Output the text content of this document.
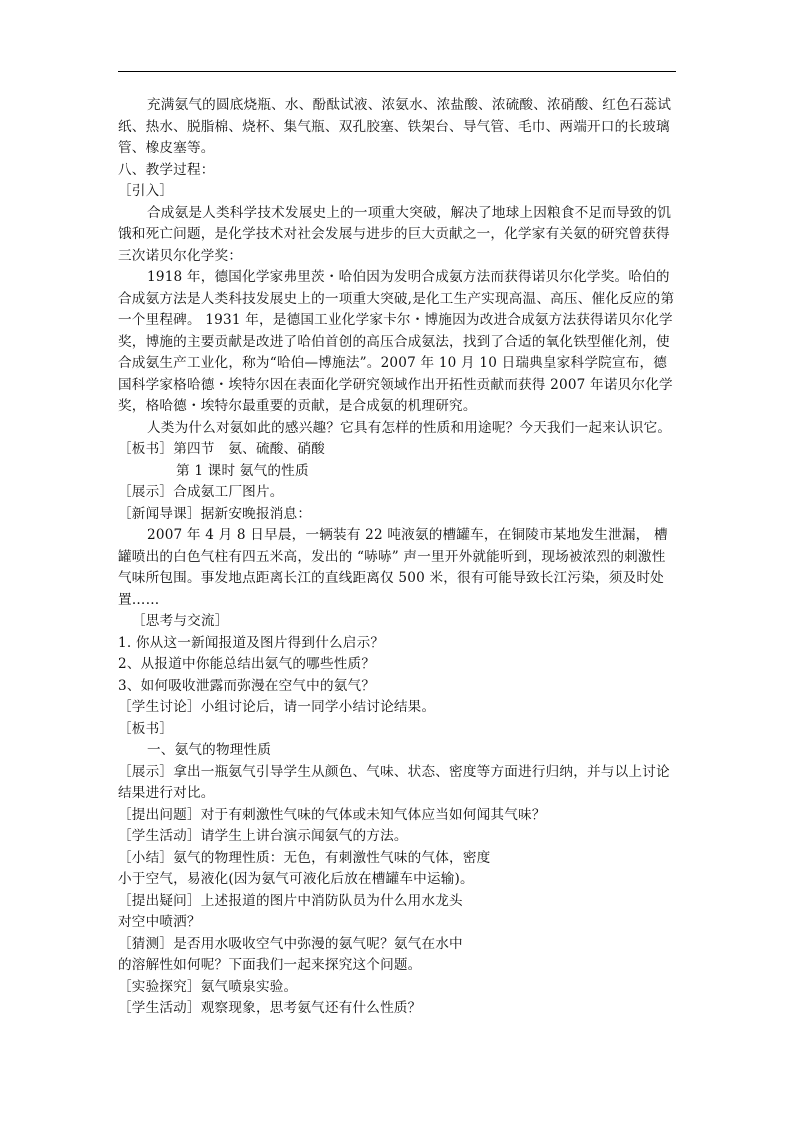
充满氨气的圆底烧瓶、水、酚酞试液、浓氨水、浓盐酸、浓硫酸、浓硝酸、红色石蕊试纸、热水、脱脂棉、烧杯、集气瓶、双孔胶塞、铁架台、导气管、毛巾、两端开口的长玻璃管、橡皮塞等。

八、教学过程：

［引入］

合成氨是人类科学技术发展史上的一项重大突破，解决了地球上因粮食不足而导致的饥饿和死亡问题，是化学技术对社会发展与进步的巨大贡献之一，化学家有关氨的研究曾获得三次诺贝尔化学奖：

1918 年，德国化学家弗里茨・哈伯因为发明合成氨方法而获得诺贝尔化学奖。哈伯的合成氨方法是人类科技发展史上的一项重大突破,是化工生产实现高温、高压、催化反应的第一个里程碑。 1931 年，是德国工业化学家卡尔・博施因为改进合成氨方法获得诺贝尔化学奖，博施的主要贡献是改进了哈伯首创的高压合成氨法，找到了合适的氧化铁型催化剂，使合成氨生产工业化，称为“哈伯—博施法”。2007 年 10 月 10 日瑞典皇家科学院宣布，德国科学家格哈德・埃特尔因在表面化学研究领域作出开拓性贡献而获得 2007 年诺贝尔化学奖，格哈德・埃特尔最重要的贡献，是合成氨的机理研究。

人类为什么对氨如此的感兴趣？它具有怎样的性质和用途呢？今天我们一起来认识它。

［板书］第四节　氨、硫酸、硝酸

第 1 课时 氨气的性质

［展示］合成氨工厂图片。

［新闻导课］据新安晚报消息：

2007 年 4 月 8 日早晨，一辆装有 22 吨液氨的槽罐车，在铜陵市某地发生泄漏， 槽罐喷出的白色气柱有四五米高，发出的 “哧哧” 声一里开外就能听到，现场被浓烈的刺激性气味所包围。事发地点距离长江的直线距离仅 500 米，很有可能导致长江污染，须及时处置……

［思考与交流］

1. 你从这一新闻报道及图片得到什么启示？

2、从报道中你能总结出氨气的哪些性质？

3、如何吸收泄露而弥漫在空气中的氨气？

［学生讨论］小组讨论后，请一同学小结讨论结果。

［板书］

一、氨气的物理性质

［展示］拿出一瓶氨气引导学生从颜色、气味、状态、密度等方面进行归纳，并与以上讨论结果进行对比。

［提出问题］对于有刺激性气味的气体或未知气体应当如何闻其气味？

［学生活动］请学生上讲台演示闻氨气的方法。

［小结］氨气的物理性质：无色，有刺激性气味的气体，密度

小于空气，易液化(因为氨气可液化后放在槽罐车中运输)。

［提出疑问］上述报道的图片中消防队员为什么用水龙头

对空中喷洒？

［猜测］是否用水吸收空气中弥漫的氨气呢？氨气在水中

的溶解性如何呢？下面我们一起来探究这个问题。

［实验探究］氨气喷泉实验。

［学生活动］观察现象，思考氨气还有什么性质？
